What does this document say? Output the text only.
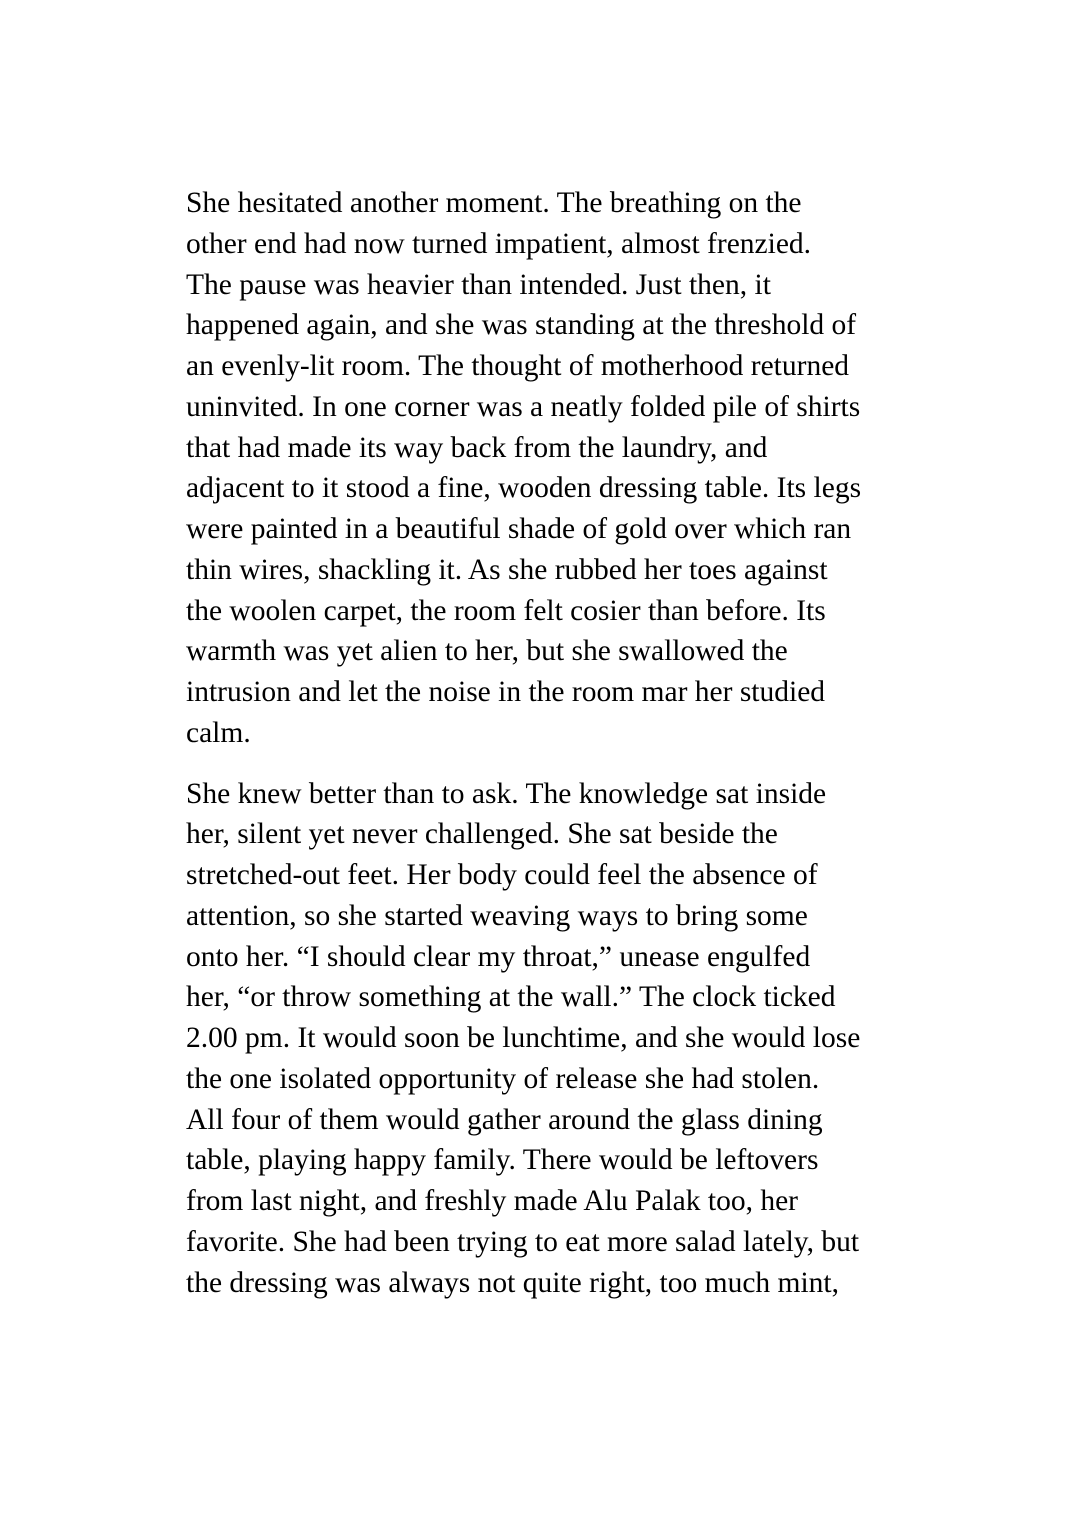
She hesitated another moment. The breathing on the
other end had now turned impatient, almost frenzied.
The pause was heavier than intended. Just then, it
happened again, and she was standing at the threshold of
an evenly-lit room. The thought of motherhood returned
uninvited. In one corner was a neatly folded pile of shirts
that had made its way back from the laundry, and
adjacent to it stood a fine, wooden dressing table. Its legs
were painted in a beautiful shade of gold over which ran
thin wires, shackling it. As she rubbed her toes against
the woolen carpet, the room felt cosier than before. Its
warmth was yet alien to her, but she swallowed the
intrusion and let the noise in the room mar her studied
calm.

She knew better than to ask. The knowledge sat inside
her, silent yet never challenged. She sat beside the
stretched-out feet. Her body could feel the absence of
attention, so she started weaving ways to bring some
onto her. “I should clear my throat,” unease engulfed
her, “or throw something at the wall.” The clock ticked
2.00 pm. It would soon be lunchtime, and she would lose
the one isolated opportunity of release she had stolen.
All four of them would gather around the glass dining
table, playing happy family. There would be leftovers
from last night, and freshly made Alu Palak too, her
favorite. She had been trying to eat more salad lately, but
the dressing was always not quite right, too much mint,
